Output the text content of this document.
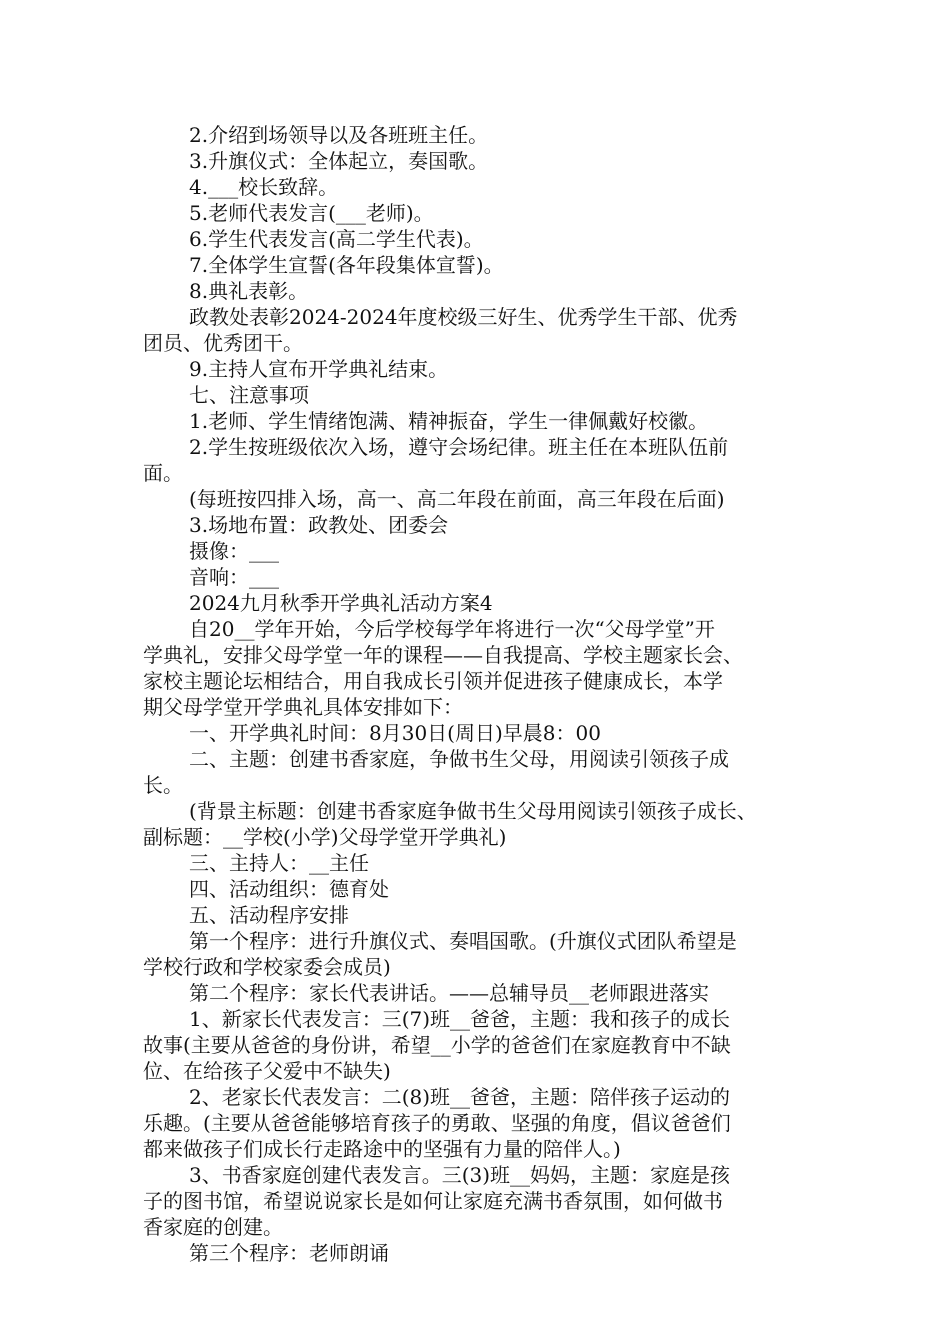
2.介绍到场领导以及各班班主任。
3.升旗仪式：全体起立，奏国歌。
4.___校长致辞。
5.老师代表发言(___老师)。
6.学生代表发言(高二学生代表)。
7.全体学生宣誓(各年段集体宣誓)。
8.典礼表彰。
政教处表彰2024-2024年度校级三好生、优秀学生干部、优秀
团员、优秀团干。
9.主持人宣布开学典礼结束。
七、注意事项
1.老师、学生情绪饱满、精神振奋，学生一律佩戴好校徽。
2.学生按班级依次入场，遵守会场纪律。班主任在本班队伍前
面。
(每班按四排入场，高一、高二年段在前面，高三年段在后面)
3.场地布置：政教处、团委会
摄像：___
音响：___
2024九月秋季开学典礼活动方案4
自20__学年开始，今后学校每学年将进行一次“父母学堂”开
学典礼，安排父母学堂一年的课程——自我提高、学校主题家长会、
家校主题论坛相结合，用自我成长引领并促进孩子健康成长，本学
期父母学堂开学典礼具体安排如下：
一、开学典礼时间：8月30日(周日)早晨8：00
二、主题：创建书香家庭，争做书生父母，用阅读引领孩子成
长。
(背景主标题：创建书香家庭争做书生父母用阅读引领孩子成长、
副标题：__学校(小学)父母学堂开学典礼)
三、主持人：__主任
四、活动组织：德育处
五、活动程序安排
第一个程序：进行升旗仪式、奏唱国歌。(升旗仪式团队希望是
学校行政和学校家委会成员)
第二个程序：家长代表讲话。——总辅导员__老师跟进落实
1、新家长代表发言：三(7)班__爸爸，主题：我和孩子的成长
故事(主要从爸爸的身份讲，希望__小学的爸爸们在家庭教育中不缺
位、在给孩子父爱中不缺失)
2、老家长代表发言：二(8)班__爸爸，主题：陪伴孩子运动的
乐趣。(主要从爸爸能够培育孩子的勇敢、坚强的角度，倡议爸爸们
都来做孩子们成长行走路途中的坚强有力量的陪伴人。)
3、书香家庭创建代表发言。三(3)班__妈妈，主题：家庭是孩
子的图书馆，希望说说家长是如何让家庭充满书香氛围，如何做书
香家庭的创建。
第三个程序：老师朗诵
